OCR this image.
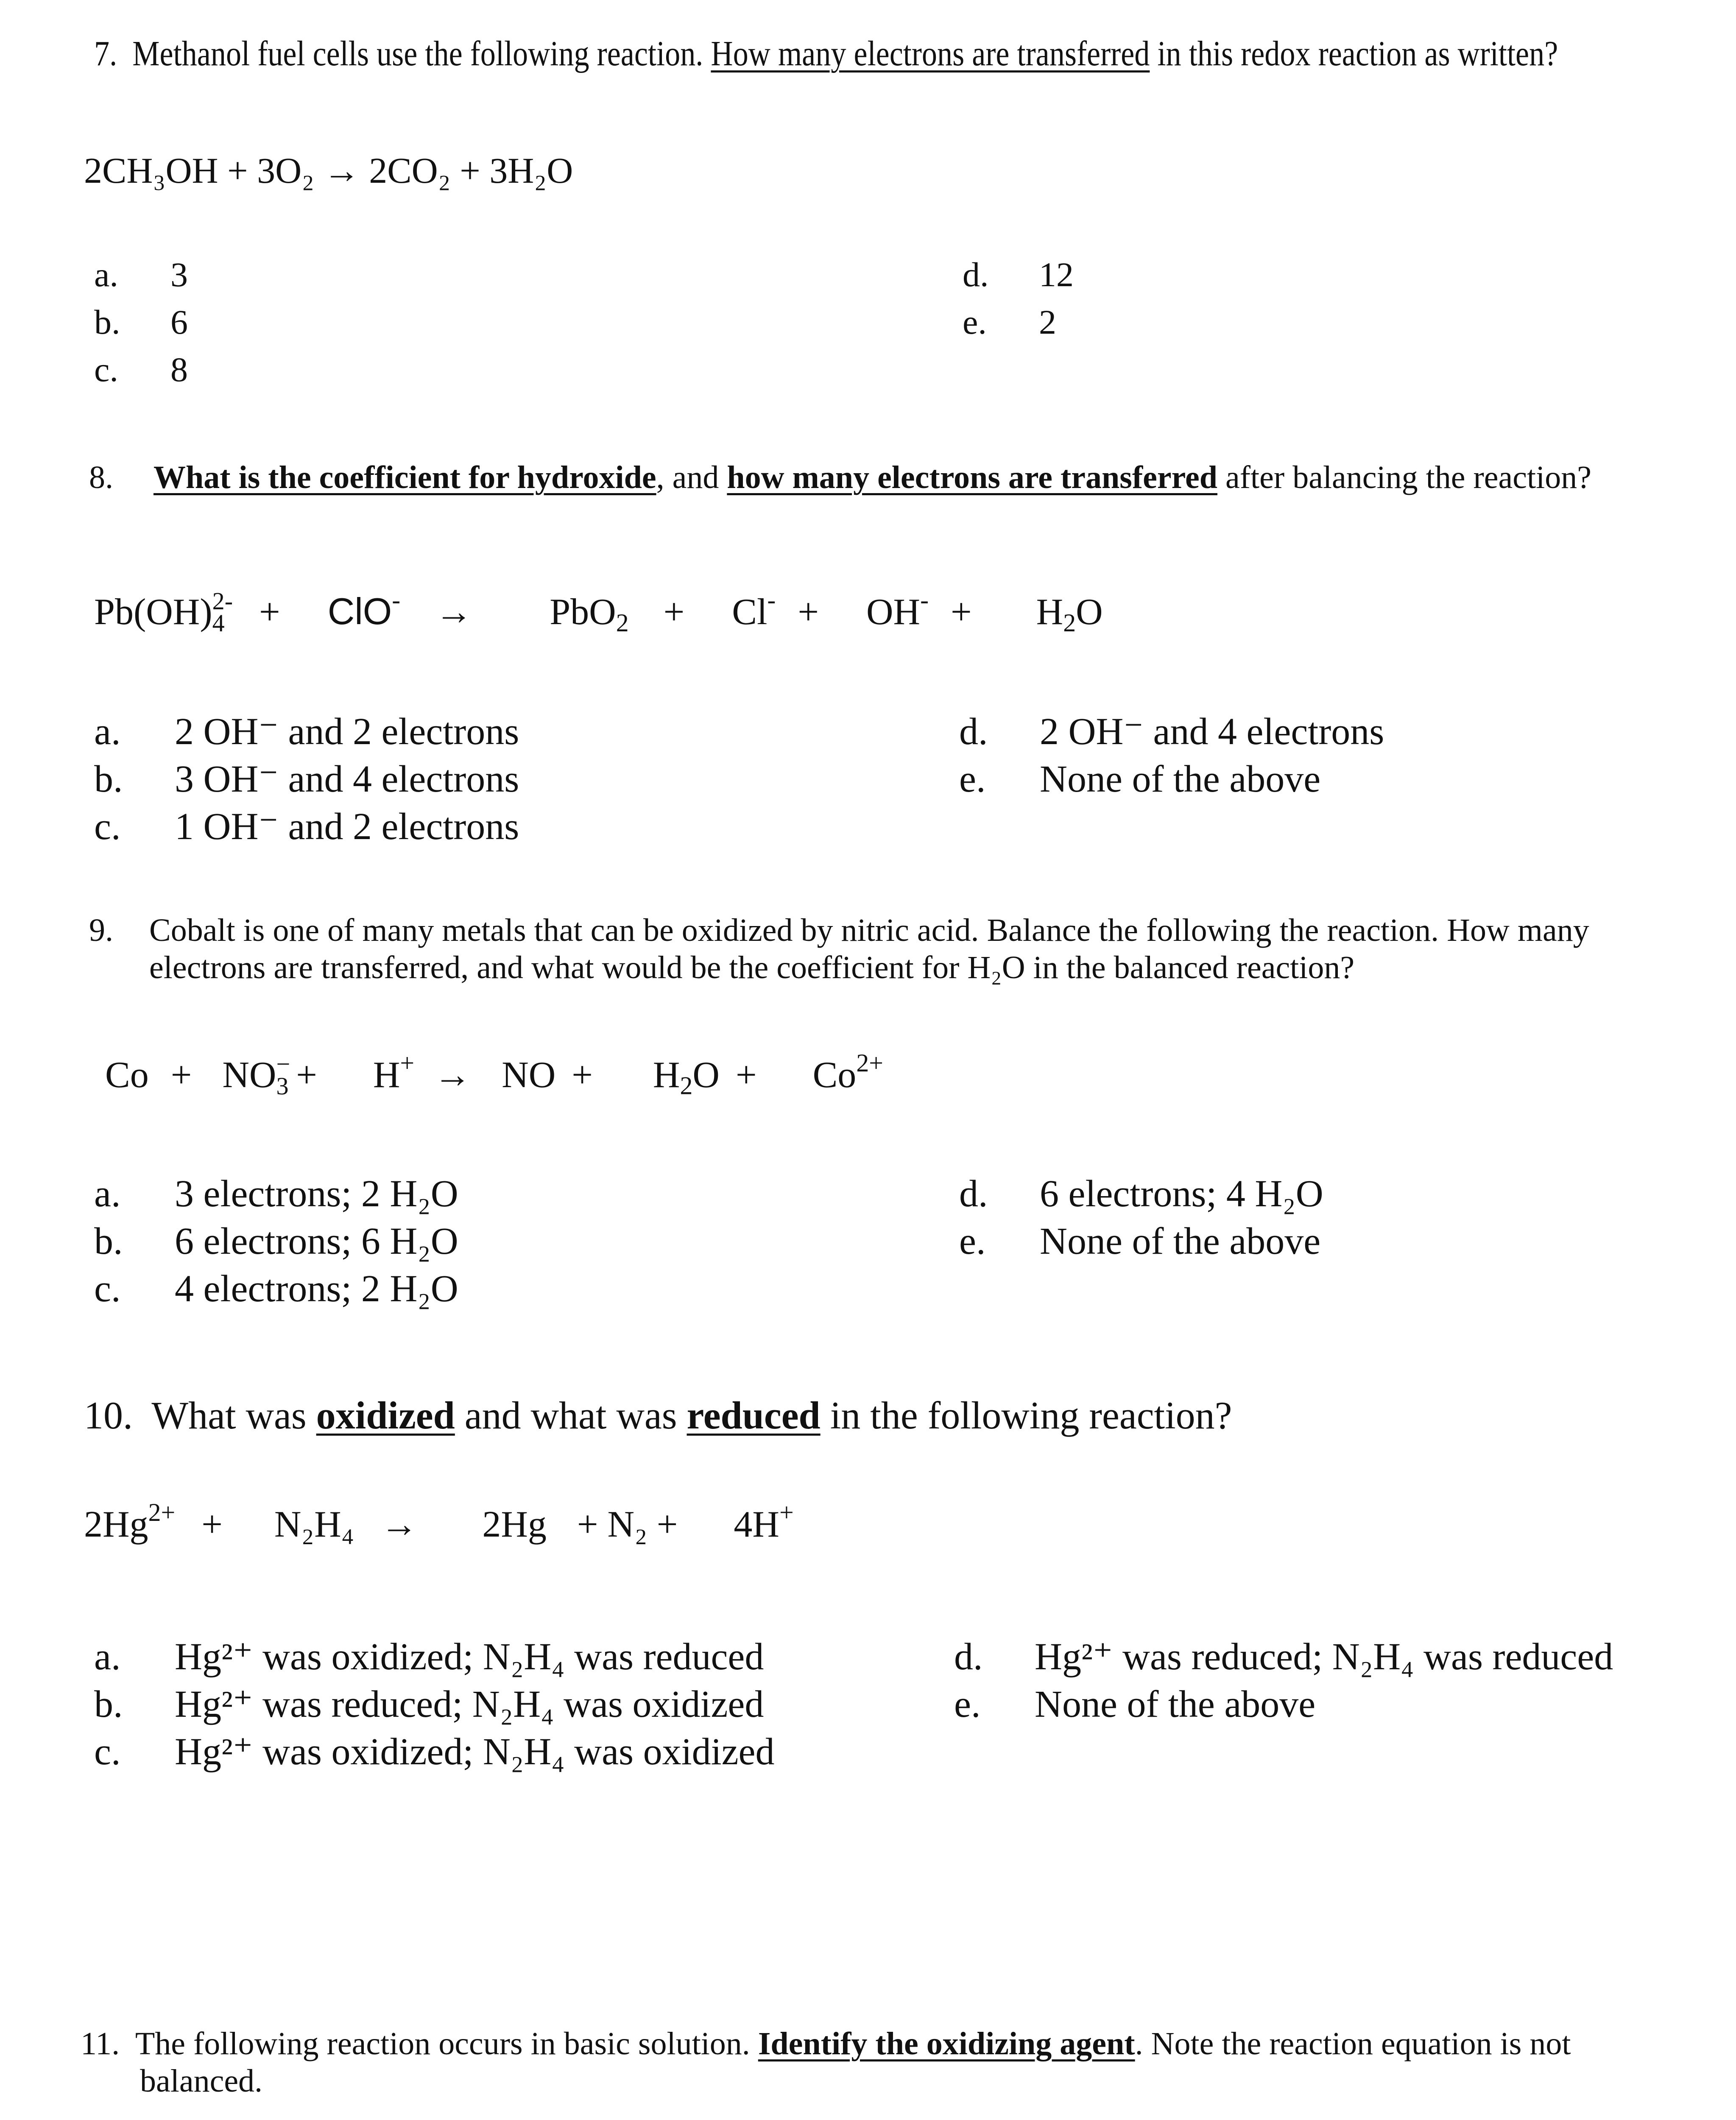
7. Methanol fuel cells use the following reaction. How many electrons are transferred in this redox reaction as written?
2CH₃OH + 3O₂ → 2CO₂ + 3H₂O
a. 3
b. 6
c. 8
d. 12
e. 2
8. What is the coefficient for hydroxide, and how many electrons are transferred after balancing the reaction?
Pb(OH) 2-
$4 + ClO^- \to PbO_2 + Cl^- + OH^- + H_2O$
a. 2 OH⁻ and 2 electrons
b. 3 OH⁻ and 4 electrons
c. 1 OH⁻ and 2 electrons
d. 2 OH⁻ and 4 electrons
e. None of the above
9. Cobalt is one of many metals that can be oxidized by nitric acid. Balance the following the reaction. How many
electrons are transferred, and what would be the coefficient for H₂O in the balanced reaction?
Co + NO −
3 + H+ → NO + $H_2O + Co^{2+}$
a. 3 electrons; 2 H₂O
b. 6 electrons; 6 H₂O
c. 4 electrons; 2 H₂O
d. 6 electrons; 4 H₂O
e. None of the above
10. What was oxidized and what was reduced in the following reaction?
$2Hg^{2+} + N_2H_4 \to 2Hg + N_2 + 4H^+$
a. Hg²⁺ was oxidized; N₂H₄ was reduced
b. Hg²⁺ was reduced; N₂H₄ was oxidized
c. Hg²⁺ was oxidized; N₂H₄ was oxidized
d. Hg²⁺ was reduced; N₂H₄ was reduced
e. None of the above
11. The following reaction occurs in basic solution. Identify the oxidizing agent. Note the reaction equation is not
balanced.
